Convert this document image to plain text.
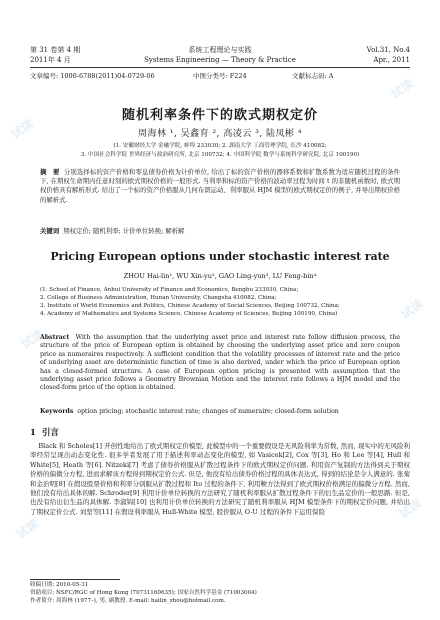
第 31 卷第 4 期	系统工程理论与实践	Vol.31, No.4
2011年 4 月	Systems Engineering — Theory & Practice	Apr., 2011
文章编号: 1000-6788(2011)04-0729-06	中图分类号: F224	文献标志码: A
随机利率条件下的欧式期权定价
周海林 ¹, 吴鑫育 ², 高凌云 ³, 陆凤彬 ⁴
(1. 安徽财经大学 金融学院, 蚌埠 233030; 2. 湖南大学 工商管理学院, 长沙 410082;
3. 中国社会科学院 世界经济与政治研究所, 北京 100732; 4. 中国科学院 数学与系统科学研究院, 北京 100190)
摘　要 分别选择标的资产价格和零息债券价格为计价单位, 给出了标的资产价格的漂移系数和扩散系数为适应随机过程的条件下, 在期权生命期内任意时刻的欧式期权价格的一般形式. 当利率和标的资产价格的波动率过程为时间 t 的非随机函数时, 欧式期权价格具有解析形式. 给出了一个标的资产价格服从几何布朗运动、利率服从 HJM 模型的欧式期权定价的例子, 并导出期权价格的解析式.
关键词 期权定价; 随机利率; 计价单位转换; 解析解
Pricing European options under stochastic interest rate
ZHOU Hai-lin¹, WU Xin-yu², GAO Ling-yun³, LU Feng-bin⁴
(1. School of Finance, Anhui University of Finance and Economics, Bengbu 233030, China;
2. College of Business Administration, Hunan University, Changsha 410082, China;
3. Institute of World Economics and Politics, Chinese Academy of Social Sciences, Beijing 100732, China;
4. Academy of Mathematics and Systems Science, Chinese Academy of Sciences, Beijing 100190, China)
Abstract With the assumption that the underlying asset price and interest rate follow diffusion process, the structure of the price of European option is obtained by choosing the underlying asset price and zero coupon price as numeraires respectively. A sufficient condition that the volatility processes of interest rate and the price of underlying asset are deterministic function of time is also derived, under which the price of European option has a closed-formed structure. A case of European option pricing is presented with assumption that the underlying asset price follows a Geometry Brownian Motion and the interest rate follows a HJM model and the closed-form price of the option is obtained.
Keywords option pricing; stochastic interest rate; changes of numeraire; closed-form solution
1 引言
Black 和 Scholes[1] 开创性地给出了欧式期权定价模型, 此模型中的一个重要假设是无风险利率为常数, 然而, 现实中的无风险利率经常呈现出动态变化性. 很多学者发展了用于描述利率动态变化的模型, 如 Vasicek[2], Cox 等[3], Ho 和 Lee 等[4], Hull 和 White[5], Heath 等[6]. Nitzeki[7] 考虑了债券价格服从扩散过程条件下的欧式期权定价问题. 利用资产复制的方法得到关于期权价格的偏微分方程, 进而求解该方程得到期权定价公式. 但是, 他没有给出债券价格过程的具体表达式, 得到的结论是令人满意的. 张菊和金治明[8] 在假设股票价格和利率分别服从扩散过程和 Ito 过程的条件下, 利用鞅方法得到了欧式期权价格满足的偏微分方程. 然而, 他们没有给出具体的解. Schroder[9] 利用计价单位转换的方法研究了随机利率服从扩散过程条件下的衍生品定价的一般思路. 但是, 也没有给出衍生品的具体解. 李淑锦[10] 也利用计价单位转换的方法研究了随机利率服从 HJM 模型条件下的期权定价问题, 并给出了期权定价公式. 刘坚等[11] 在假设利率服从 Hull-White 模型, 股价服从 O-U 过程的条件下运用保险
收稿日期: 2010-05-31
资助项目: NSFC/RGC of Hong Kong (70731160635); 国家自然科学基金 (71003004)
作者简介: 周海林 (1977–), 男, 副教授. E-mail: hailin_zhou@hotmail.com.
试读
试读
试读
试读
试读
试读
